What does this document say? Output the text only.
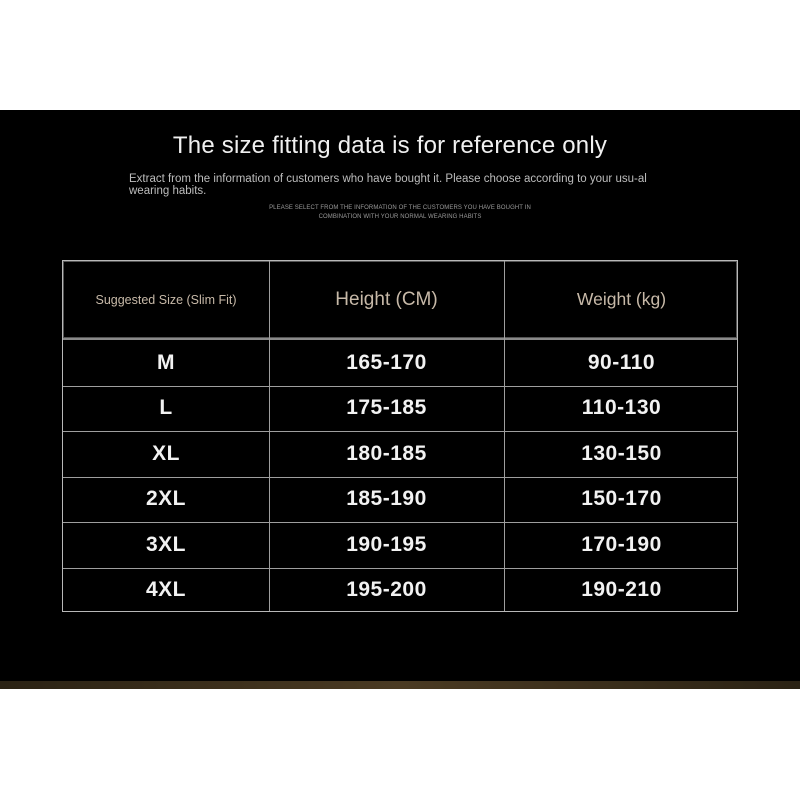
The size fitting data is for reference only
Extract from the information of customers who have bought it. Please choose according to your usu-al wearing habits.
PLEASE SELECT FROM THE INFORMATION OF THE CUSTOMERS YOU HAVE BOUGHT IN
COMBINATION WITH YOUR NORMAL WEARING HABITS
Suggested Size (Slim Fit)	Height (CM)	Weight (kg)
M	165-170	90-110
L	175-185	110-130
XL	180-185	130-150
2XL	185-190	150-170
3XL	190-195	170-190
4XL	195-200	190-210
